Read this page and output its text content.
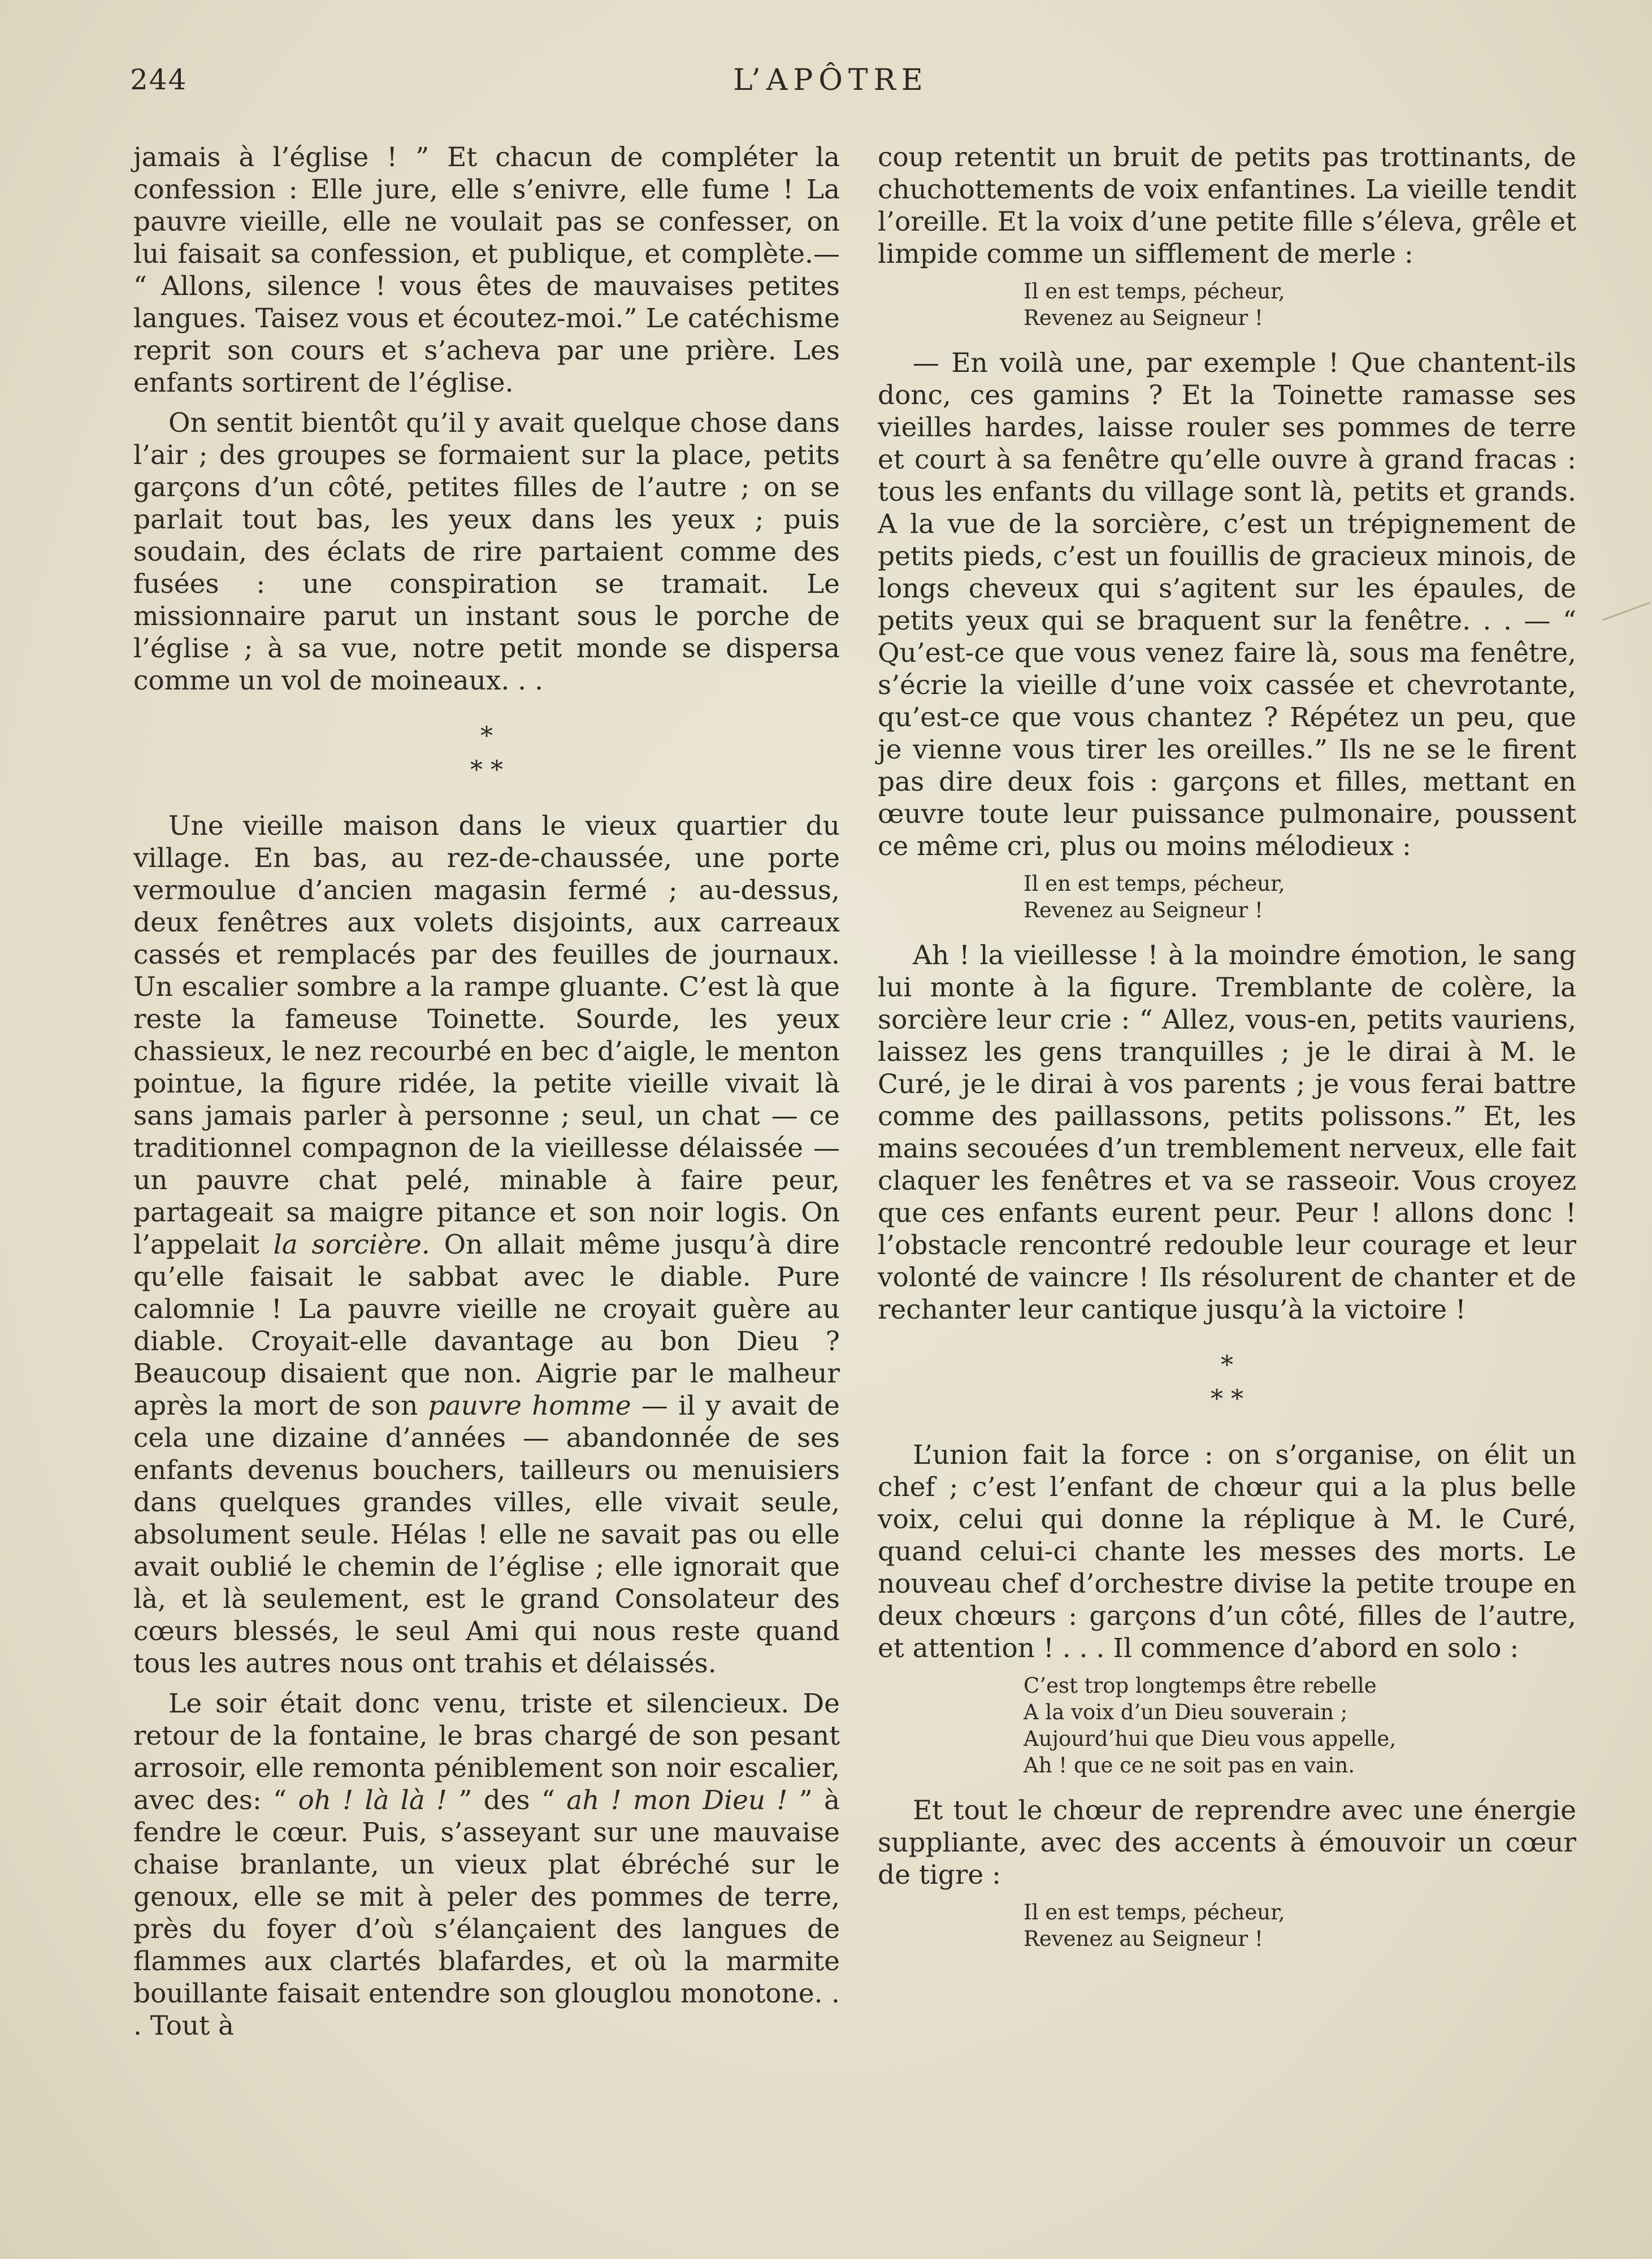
244	L’APÔTRE

jamais à l’église ! ” Et chacun de compléter la confession : Elle jure, elle s’enivre, elle fume ! La pauvre vieille, elle ne voulait pas se confesser, on lui faisait sa confession, et publique, et complète.— “ Allons, silence ! vous êtes de mauvaises petites langues. Taisez vous et écoutez-moi.” Le catéchisme reprit son cours et s’acheva par une prière. Les enfants sortirent de l’église.

On sentit bientôt qu’il y avait quelque chose dans l’air ; des groupes se formaient sur la place, petits garçons d’un côté, petites filles de l’autre ; on se parlait tout bas, les yeux dans les yeux ; puis soudain, des éclats de rire partaient comme des fusées : une conspiration se tramait. Le missionnaire parut un instant sous le porche de l’église ; à sa vue, notre petit monde se dispersa comme un vol de moineaux. . .

*
* *

Une vieille maison dans le vieux quartier du village. En bas, au rez-de-chaussée, une porte vermoulue d’ancien magasin fermé ; au-dessus, deux fenêtres aux volets disjoints, aux carreaux cassés et remplacés par des feuilles de journaux. Un escalier sombre a la rampe gluante. C’est là que reste la fameuse Toinette. Sourde, les yeux chassieux, le nez recourbé en bec d’aigle, le menton pointue, la figure ridée, la petite vieille vivait là sans jamais parler à personne ; seul, un chat — ce traditionnel compagnon de la vieillesse délaissée — un pauvre chat pelé, minable à faire peur, partageait sa maigre pitance et son noir logis. On l’appelait la sorcière. On allait même jusqu’à dire qu’elle faisait le sabbat avec le diable. Pure calomnie ! La pauvre vieille ne croyait guère au diable. Croyait-elle davantage au bon Dieu ? Beaucoup disaient que non. Aigrie par le malheur après la mort de son pauvre homme — il y avait de cela une dizaine d’années — abandonnée de ses enfants devenus bouchers, tailleurs ou menuisiers dans quelques grandes villes, elle vivait seule, absolument seule. Hélas ! elle ne savait pas ou elle avait oublié le chemin de l’église ; elle ignorait que là, et là seulement, est le grand Consolateur des cœurs blessés, le seul Ami qui nous reste quand tous les autres nous ont trahis et délaissés.

Le soir était donc venu, triste et silencieux. De retour de la fontaine, le bras chargé de son pesant arrosoir, elle remonta péniblement son noir escalier, avec des: “ oh ! là là ! ” des “ ah ! mon Dieu ! ” à fendre le cœur. Puis, s’asseyant sur une mauvaise chaise branlante, un vieux plat ébréché sur le genoux, elle se mit à peler des pommes de terre, près du foyer d’où s’élançaient des langues de flammes aux clartés blafardes, et où la marmite bouillante faisait entendre son glouglou monotone. . . Tout à

coup retentit un bruit de petits pas trottinants, de chuchottements de voix enfantines. La vieille tendit l’oreille. Et la voix d’une petite fille s’éleva, grêle et limpide comme un sifflement de merle :

Il en est temps, pécheur,
Revenez au Seigneur !

— En voilà une, par exemple ! Que chantent-ils donc, ces gamins ? Et la Toinette ramasse ses vieilles hardes, laisse rouler ses pommes de terre et court à sa fenêtre qu’elle ouvre à grand fracas : tous les enfants du village sont là, petits et grands. A la vue de la sorcière, c’est un trépignement de petits pieds, c’est un fouillis de gracieux minois, de longs cheveux qui s’agitent sur les épaules, de petits yeux qui se braquent sur la fenêtre. . . — “ Qu’est-ce que vous venez faire là, sous ma fenêtre, s’écrie la vieille d’une voix cassée et chevrotante, qu’est-ce que vous chantez ? Répétez un peu, que je vienne vous tirer les oreilles.” Ils ne se le firent pas dire deux fois : garçons et filles, mettant en œuvre toute leur puissance pulmonaire, poussent ce même cri, plus ou moins mélodieux :

Il en est temps, pécheur,
Revenez au Seigneur !

Ah ! la vieillesse ! à la moindre émotion, le sang lui monte à la figure. Tremblante de colère, la sorcière leur crie : “ Allez, vous-en, petits vauriens, laissez les gens tranquilles ; je le dirai à M. le Curé, je le dirai à vos parents ; je vous ferai battre comme des paillassons, petits polissons.” Et, les mains secouées d’un tremblement nerveux, elle fait claquer les fenêtres et va se rasseoir. Vous croyez que ces enfants eurent peur. Peur ! allons donc ! l’obstacle rencontré redouble leur courage et leur volonté de vaincre ! Ils résolurent de chanter et de rechanter leur cantique jusqu’à la victoire !

*
* *

L’union fait la force : on s’organise, on élit un chef ; c’est l’enfant de chœur qui a la plus belle voix, celui qui donne la réplique à M. le Curé, quand celui-ci chante les messes des morts. Le nouveau chef d’orchestre divise la petite troupe en deux chœurs : garçons d’un côté, filles de l’autre, et attention ! . . . Il commence d’abord en solo :

C’est trop longtemps être rebelle
A la voix d’un Dieu souverain ;
Aujourd’hui que Dieu vous appelle,
Ah ! que ce ne soit pas en vain.

Et tout le chœur de reprendre avec une énergie suppliante, avec des accents à émouvoir un cœur de tigre :

Il en est temps, pécheur,
Revenez au Seigneur !
